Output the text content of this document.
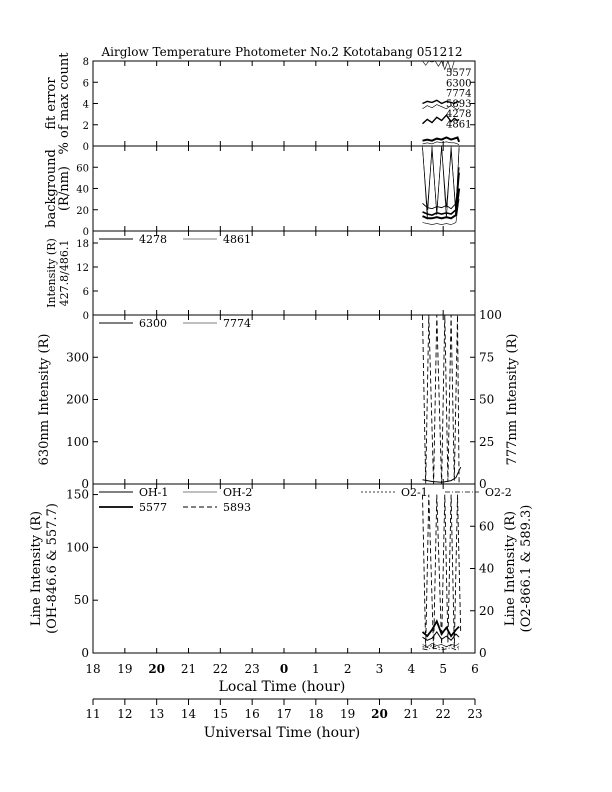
Airglow Temperature Photometer No.2 Kototabang 051212
0
2
4
6
8
fit error
% of max count	5577
6300
7774
5893
4278
4861
0
20
40
60
background
(R/nm)
0
6
12
18
Intensity (R) 427.8/486.1
4278	4861
0
100
200
300
0
25
50
75
100
630nm Intensity (R)	777nm Intensity (R)
6300	7774
0
50
100
150
0
20
40
60
Line Intensity (R) (OH-846.6 & 557.7)	Line Intensity (R) (O2-866.1 & 589.3)
OH-1	OH-2	O2-1	O2-2
5577	5893
18 19 20 21 22 23 0 1 2 3 4 5 6
11 12 13 14 15 16 17 18 19 20 21 22 23
Local Time (hour)
Universal Time (hour)
